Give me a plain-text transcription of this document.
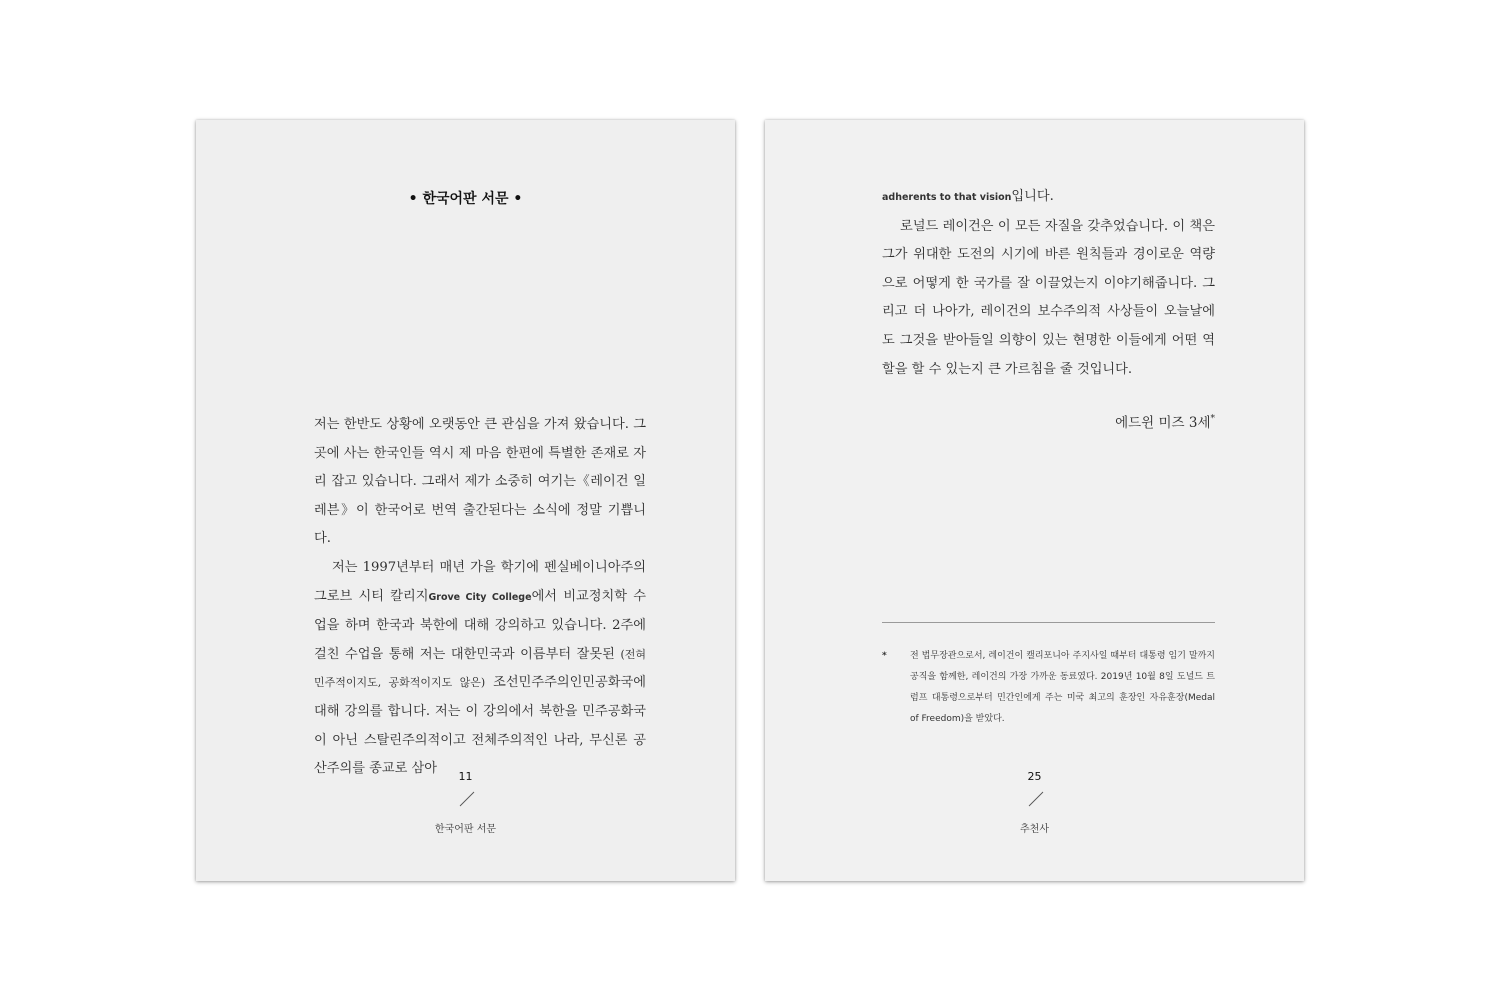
• 한국어판 서문 •

저는 한반도 상황에 오랫동안 큰 관심을 가져 왔습니다. 그곳에 사는 한국인들 역시 제 마음 한편에 특별한 존재로 자리 잡고 있습니다. 그래서 제가 소중히 여기는《레이건 일레븐》이 한국어로 번역 출간된다는 소식에 정말 기쁩니다.

저는 1997년부터 매년 가을 학기에 펜실베이니아주의 그로브 시티 칼리지Grove City College에서 비교정치학 수업을 하며 한국과 북한에 대해 강의하고 있습니다. 2주에 걸친 수업을 통해 저는 대한민국과 이름부터 잘못된 (전혀 민주적이지도, 공화적이지도 않은) 조선민주주의인민공화국에 대해 강의를 합니다. 저는 이 강의에서 북한을 민주공화국이 아닌 스탈린주의적이고 전체주의적인 나라, 무신론 공산주의를 종교로 삼아

11
한국어판 서문

adherents to that vision입니다.

로널드 레이건은 이 모든 자질을 갖추었습니다. 이 책은 그가 위대한 도전의 시기에 바른 원칙들과 경이로운 역량으로 어떻게 한 국가를 잘 이끌었는지 이야기해줍니다. 그리고 더 나아가, 레이건의 보수주의적 사상들이 오늘날에도 그것을 받아들일 의향이 있는 현명한 이들에게 어떤 역할을 할 수 있는지 큰 가르침을 줄 것입니다.

에드윈 미즈 3세*
*	전 법무장관으로서, 레이건이 캘리포니아 주지사일 때부터 대통령 임기 말까지 공직을 함께한, 레이건의 가장 가까운 동료였다. 2019년 10월 8일 도널드 트럼프 대통령으로부터 민간인에게 주는 미국 최고의 훈장인 자유훈장(Medal of Freedom)을 받았다.
25
추천사
